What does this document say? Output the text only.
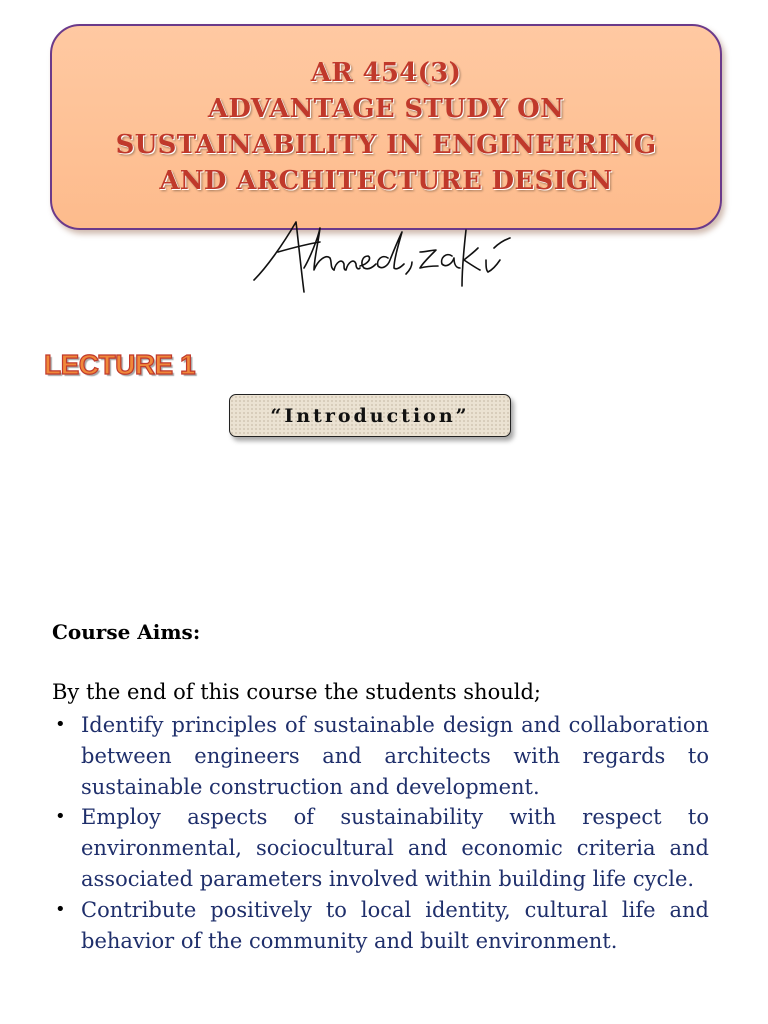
AR 454(3)
ADVANTAGE STUDY ON
SUSTAINABILITY IN ENGINEERING
AND ARCHITECTURE DESIGN
LECTURE 1
“Introduction”
Course Aims:
By the end of this course the students should;
• Identify principles of sustainable design and collaboration between engineers and architects with regards to sustainable construction and development.
• Employ aspects of sustainability with respect to environmental, sociocultural and economic criteria and associated parameters involved within building life cycle.
• Contribute positively to local identity, cultural life and behavior of the community and built environment.
